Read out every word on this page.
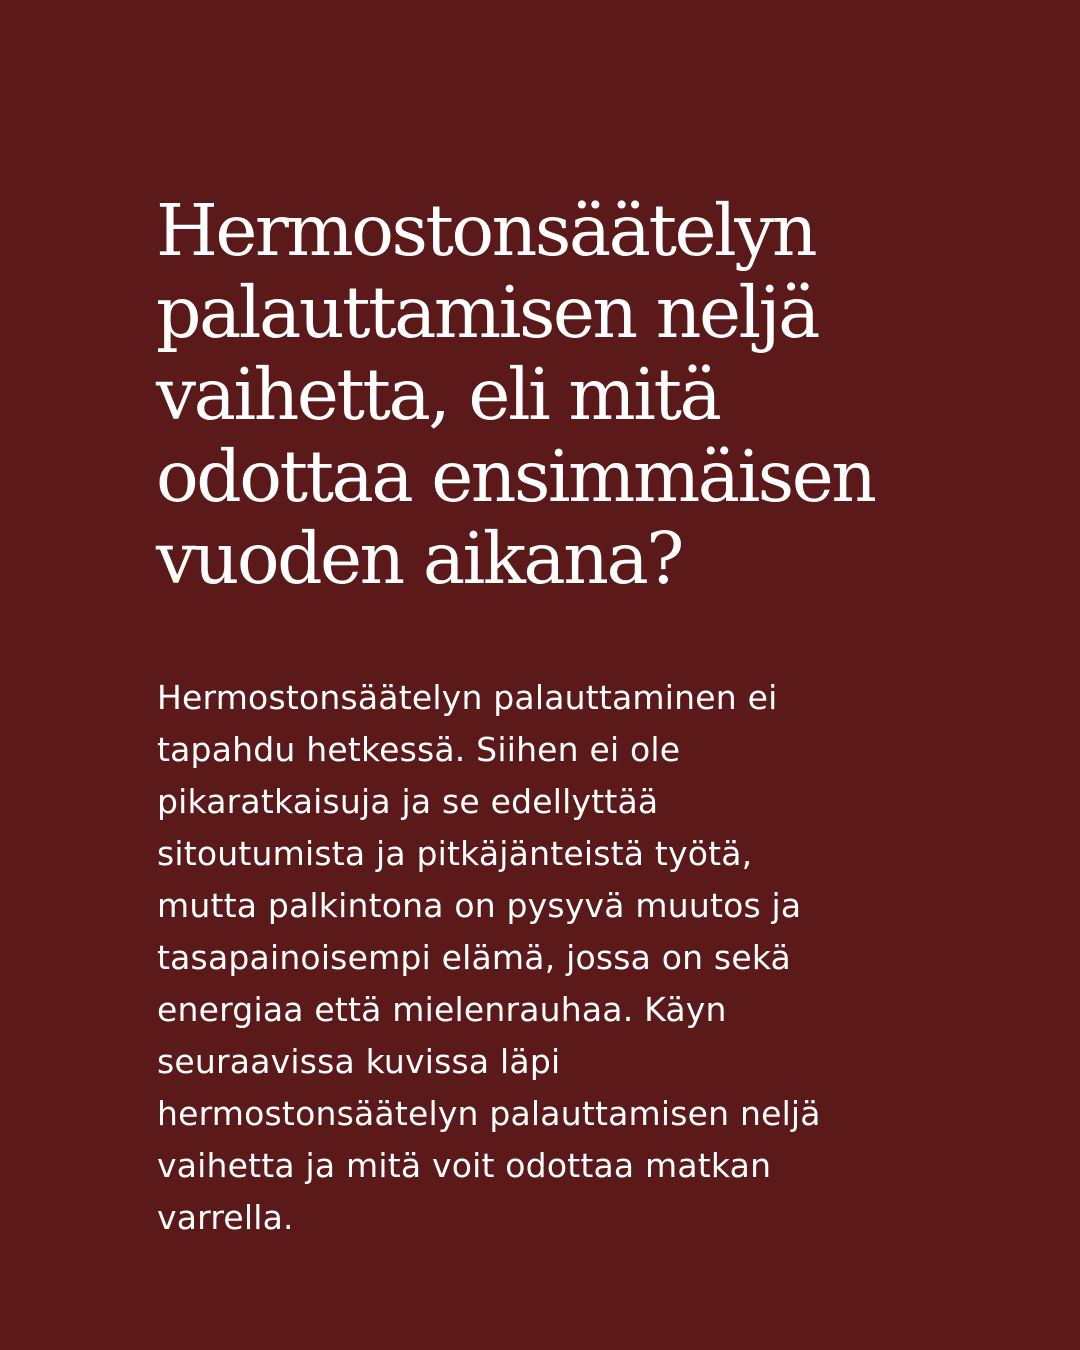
Hermostonsäätelyn
palauttamisen neljä
vaihetta, eli mitä
odottaa ensimmäisen
vuoden aikana?

Hermostonsäätelyn palauttaminen ei
tapahdu hetkessä. Siihen ei ole
pikaratkaisuja ja se edellyttää
sitoutumista ja pitkäjänteistä työtä,
mutta palkintona on pysyvä muutos ja
tasapainoisempi elämä, jossa on sekä
energiaa että mielenrauhaa. Käyn
seuraavissa kuvissa läpi
hermostonsäätelyn palauttamisen neljä
vaihetta ja mitä voit odottaa matkan
varrella.
